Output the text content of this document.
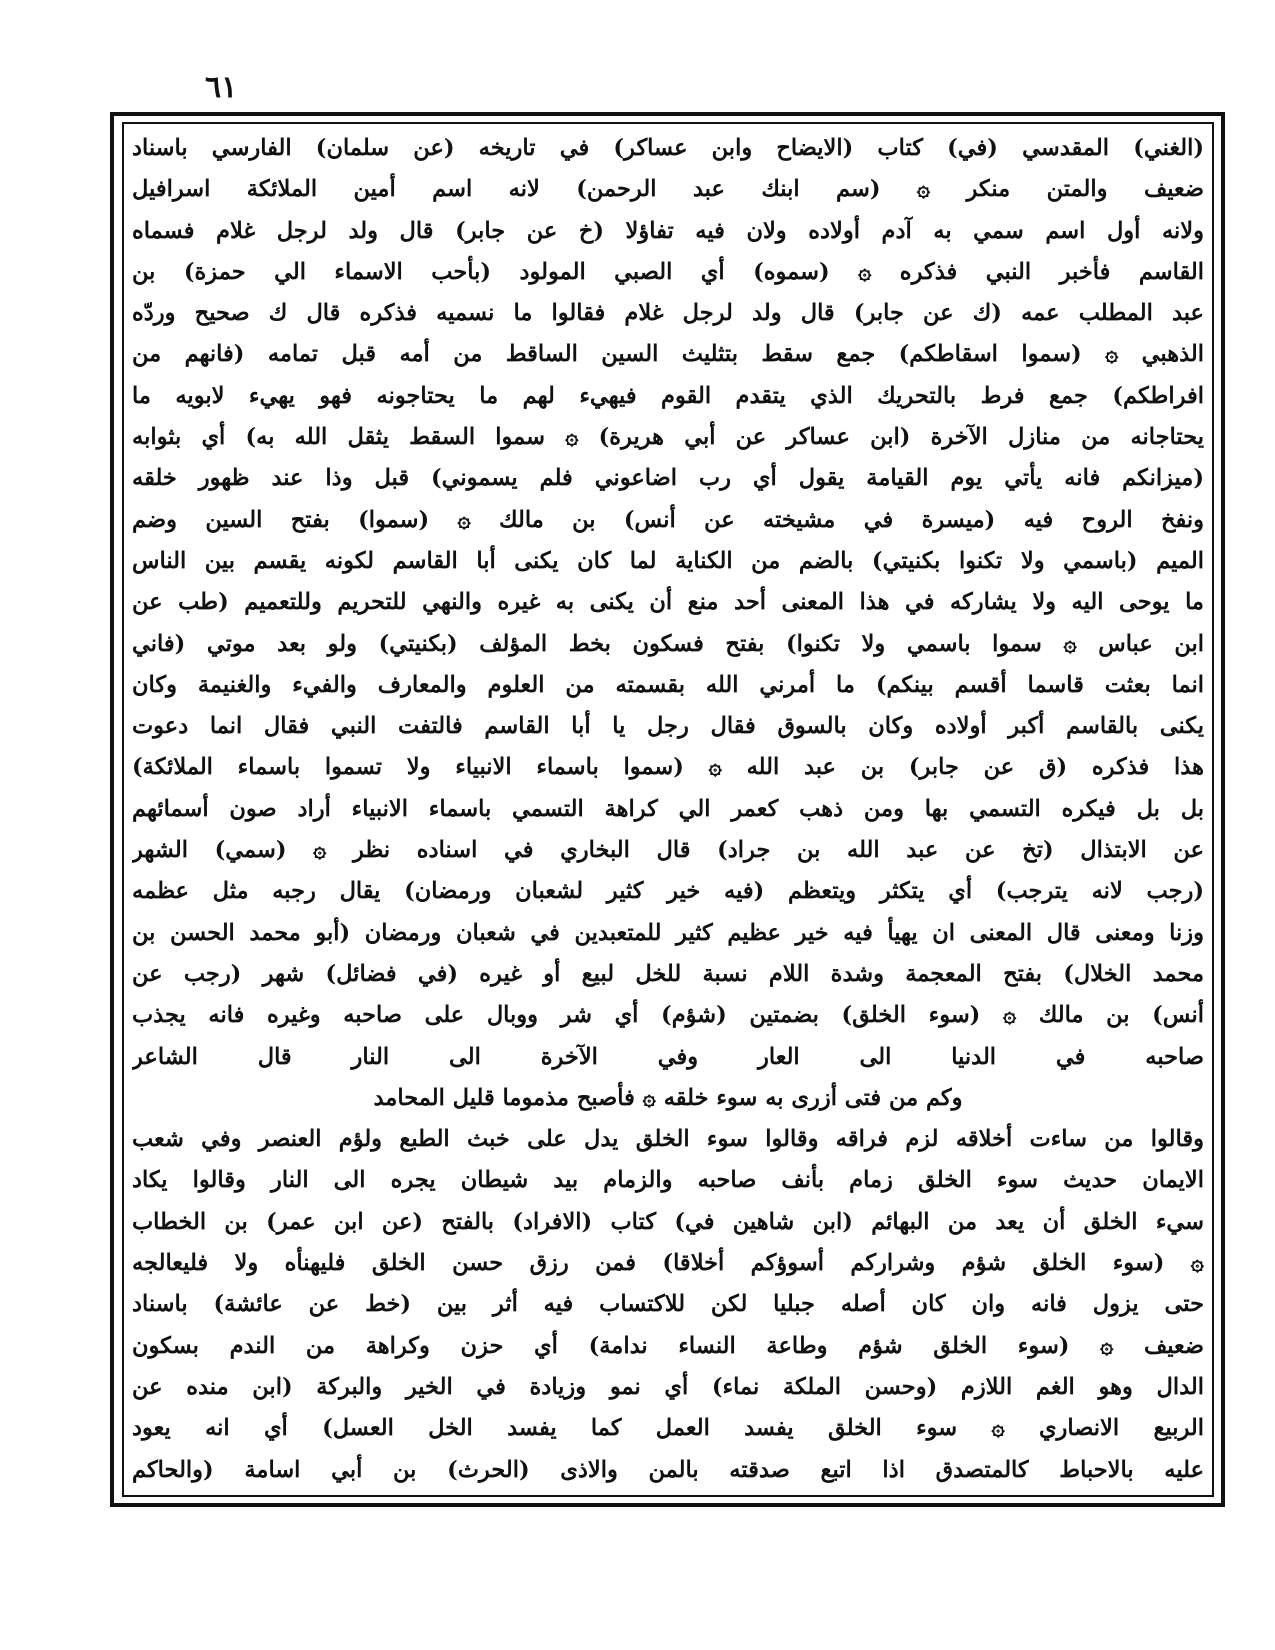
٦١
(الغني) المقدسي (في) كتاب (الايضاح وابن عساكر) في تاريخه (عن سلمان) الفارسي باسناد
ضعيف والمتن منكر ۞ (سم ابنك عبد الرحمن) لانه اسم أمين الملائكة اسرافيل
ولانه أول اسم سمي به آدم أولاده ولان فيه تفاؤلا (خ عن جابر) قال ولد لرجل غلام فسماه
القاسم فأخبر النبي فذكره ۞ (سموه) أي الصبي المولود (بأحب الاسماء الي حمزة) بن
عبد المطلب عمه (ك عن جابر) قال ولد لرجل غلام فقالوا ما نسميه فذكره قال ك صحيح وردّه
الذهبي ۞ (سموا اسقاطكم) جمع سقط بتثليث السين الساقط من أمه قبل تمامه (فانهم من
افراطكم) جمع فرط بالتحريك الذي يتقدم القوم فيهيء لهم ما يحتاجونه فهو يهيء لابويه ما
يحتاجانه من منازل الآخرة (ابن عساكر عن أبي هريرة) ۞ سموا السقط يثقل الله به) أي بثوابه
(ميزانكم فانه يأتي يوم القيامة يقول أي رب اضاعوني فلم يسموني) قبل وذا عند ظهور خلقه
ونفخ الروح فيه (ميسرة في مشيخته عن أنس) بن مالك ۞ (سموا) بفتح السين وضم
الميم (باسمي ولا تكنوا بكنيتي) بالضم من الكناية لما كان يكنى أبا القاسم لكونه يقسم بين الناس
ما يوحى اليه ولا يشاركه في هذا المعنى أحد منع أن يكنى به غيره والنهي للتحريم وللتعميم (طب عن
ابن عباس ۞ سموا باسمي ولا تكنوا) بفتح فسكون بخط المؤلف (بكنيتي) ولو بعد موتي (فاني
انما بعثت قاسما أقسم بينكم) ما أمرني الله بقسمته من العلوم والمعارف والفيء والغنيمة وكان
يكنى بالقاسم أكبر أولاده وكان بالسوق فقال رجل يا أبا القاسم فالتفت النبي فقال انما دعوت
هذا فذكره (ق عن جابر) بن عبد الله ۞ (سموا باسماء الانبياء ولا تسموا باسماء الملائكة)
بل بل فيكره التسمي بها ومن ذهب كعمر الي كراهة التسمي باسماء الانبياء أراد صون أسمائهم
عن الابتذال (تخ عن عبد الله بن جراد) قال البخاري في اسناده نظر ۞ (سمي) الشهر
(رجب لانه يترجب) أي يتكثر ويتعظم (فيه خير كثير لشعبان ورمضان) يقال رجبه مثل عظمه
وزنا ومعنى قال المعنى ان يهيأ فيه خير عظيم كثير للمتعبدين في شعبان ورمضان (أبو محمد الحسن بن
محمد الخلال) بفتح المعجمة وشدة اللام نسبة للخل لبيع أو غيره (في فضائل) شهر (رجب عن
أنس) بن مالك ۞ (سوء الخلق) بضمتين (شؤم) أي شر ووبال على صاحبه وغيره فانه يجذب
صاحبه في الدنيا الى العار وفي الآخرة الى النار قال الشاعر
وكم من فتى أزرى به سوء خلقه ۞ فأصبح مذموما قليل المحامد
وقالوا من ساءت أخلاقه لزم فراقه وقالوا سوء الخلق يدل على خبث الطبع ولؤم العنصر وفي شعب
الايمان حديث سوء الخلق زمام بأنف صاحبه والزمام بيد شيطان يجره الى النار وقالوا يكاد
سيء الخلق أن يعد من البهائم (ابن شاهين في) كتاب (الافراد) بالفتح (عن ابن عمر) بن الخطاب
۞ (سوء الخلق شؤم وشراركم أسوؤكم أخلاقا) فمن رزق حسن الخلق فليهنأه ولا فليعالجه
حتى يزول فانه وان كان أصله جبليا لكن للاكتساب فيه أثر بين (خط عن عائشة) باسناد
ضعيف ۞ (سوء الخلق شؤم وطاعة النساء ندامة) أي حزن وكراهة من الندم بسكون
الدال وهو الغم اللازم (وحسن الملكة نماء) أي نمو وزيادة في الخير والبركة (ابن منده عن
الربيع الانصاري ۞ سوء الخلق يفسد العمل كما يفسد الخل العسل) أي انه يعود
عليه بالاحباط كالمتصدق اذا اتبع صدقته بالمن والاذى (الحرث) بن أبي اسامة (والحاكم
